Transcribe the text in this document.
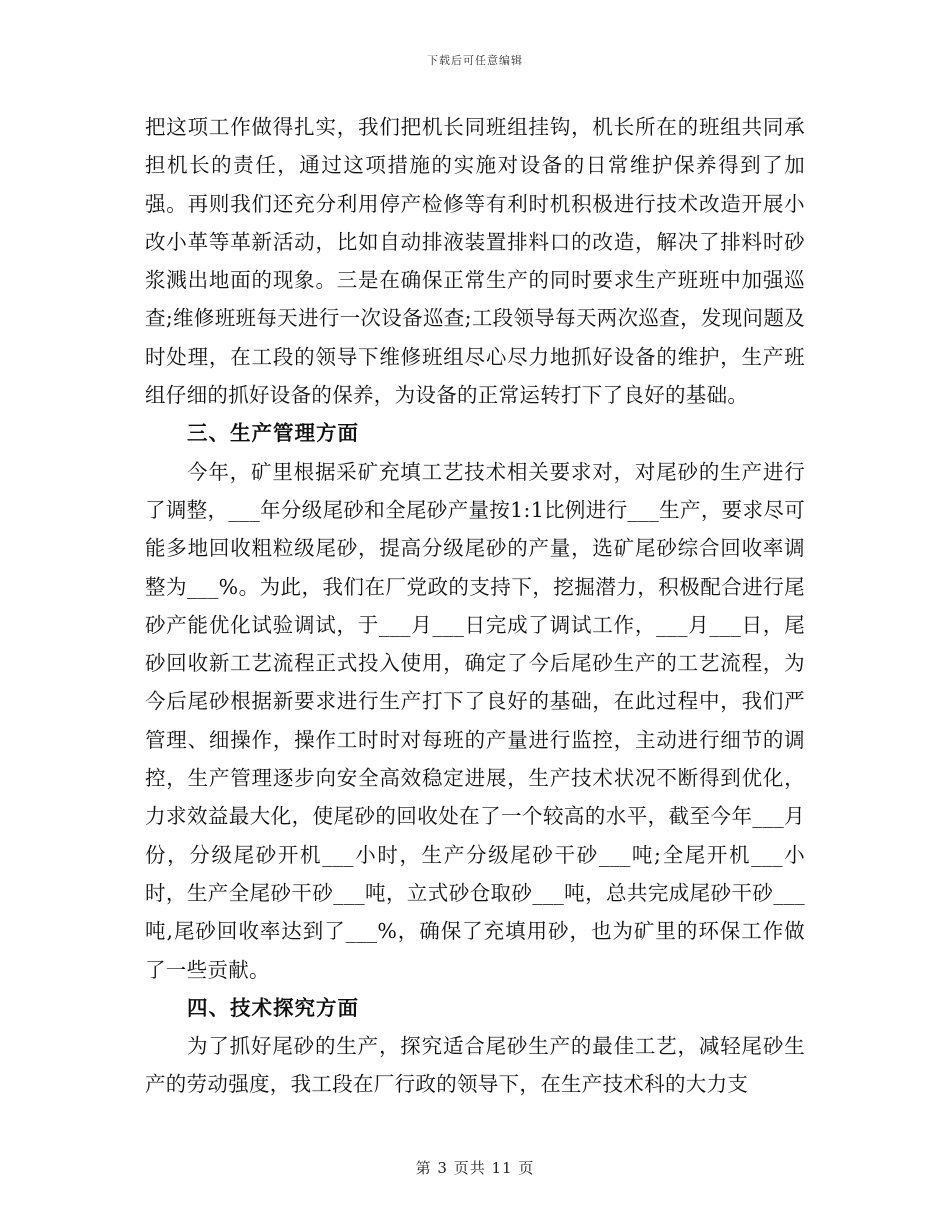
下载后可任意编辑

把这项工作做得扎实，我们把机长同班组挂钩，机长所在的班组共同承担机长的责任，通过这项措施的实施对设备的日常维护保养得到了加强。再则我们还充分利用停产检修等有利时机积极进行技术改造开展小改小革等革新活动，比如自动排液装置排料口的改造，解决了排料时砂浆溅出地面的现象。三是在确保正常生产的同时要求生产班班中加强巡查;维修班班每天进行一次设备巡查;工段领导每天两次巡查，发现问题及时处理，在工段的领导下维修班组尽心尽力地抓好设备的维护，生产班组仔细的抓好设备的保养，为设备的正常运转打下了良好的基础。

三、生产管理方面

今年，矿里根据采矿充填工艺技术相关要求对，对尾砂的生产进行了调整，___年分级尾砂和全尾砂产量按1:1比例进行___生产，要求尽可能多地回收粗粒级尾砂，提高分级尾砂的产量，选矿尾砂综合回收率调整为___%。为此，我们在厂党政的支持下，挖掘潜力，积极配合进行尾砂产能优化试验调试，于___月___日完成了调试工作，___月___日，尾砂回收新工艺流程正式投入使用，确定了今后尾砂生产的工艺流程，为今后尾砂根据新要求进行生产打下了良好的基础，在此过程中，我们严管理、细操作，操作工时时对每班的产量进行监控，主动进行细节的调控，生产管理逐步向安全高效稳定进展，生产技术状况不断得到优化，力求效益最大化，使尾砂的回收处在了一个较高的水平，截至今年___月份，分级尾砂开机___小时，生产分级尾砂干砂___吨;全尾开机___小时，生产全尾砂干砂___吨，立式砂仓取砂___吨，总共完成尾砂干砂___吨,尾砂回收率达到了___%，确保了充填用砂，也为矿里的环保工作做了一些贡献。

四、技术探究方面

为了抓好尾砂的生产，探究适合尾砂生产的最佳工艺，减轻尾砂生产的劳动强度，我工段在厂行政的领导下，在生产技术科的大力支

第 3 页共 11 页
